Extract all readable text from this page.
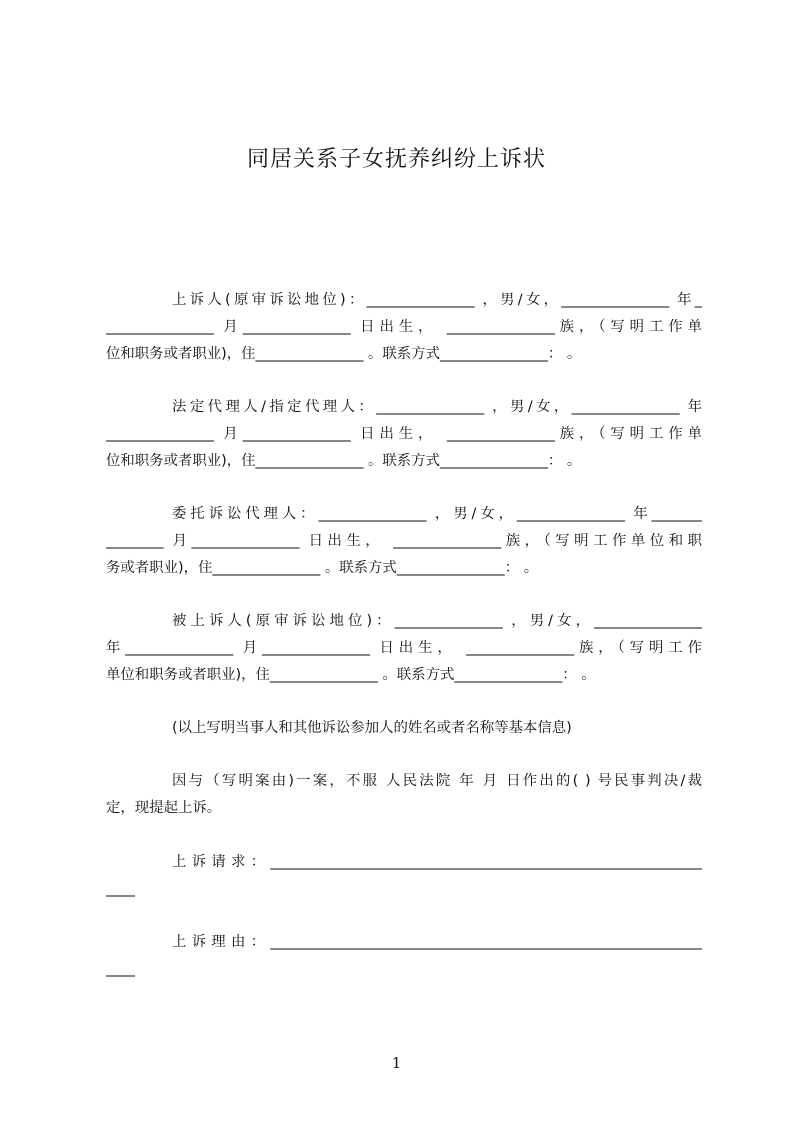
同居关系子女抚养纠纷上诉状
上诉人(原审诉讼地位)：_______________ ，男/女，_______________ 年_
_______________ 月_______________ 日出生， _______________族，（写明工作单
位和职务或者职业)，住_______________ 。联系方式_______________： 。
法定代理人/指定代理人：_______________ ，男/女，_______________ 年
_______________ 月_______________ 日出生， _______________族，（写明工作单
位和职务或者职业)，住_______________ 。联系方式_______________： 。
委托诉讼代理人：_______________ ，男/女，_______________ 年_______
________ 月_______________ 日出生， _______________族，（写明工作单位和职
务或者职业)，住_______________ 。联系方式_______________： 。
被上诉人(原审诉讼地位)：_______________ ，男/女，_______________
年_______________ 月_______________ 日出生， _______________族，（写明工作
单位和职务或者职业)，住_______________ 。联系方式_______________： 。
(以上写明当事人和其他诉讼参加人的姓名或者名称等基本信息)
因与（写明案由)一案，不服 人民法院 年 月 日作出的( ) 号民事判决/裁
定，现提起上诉。
上诉请求：____________________________________________________________
____
上诉理由：____________________________________________________________
____
1
